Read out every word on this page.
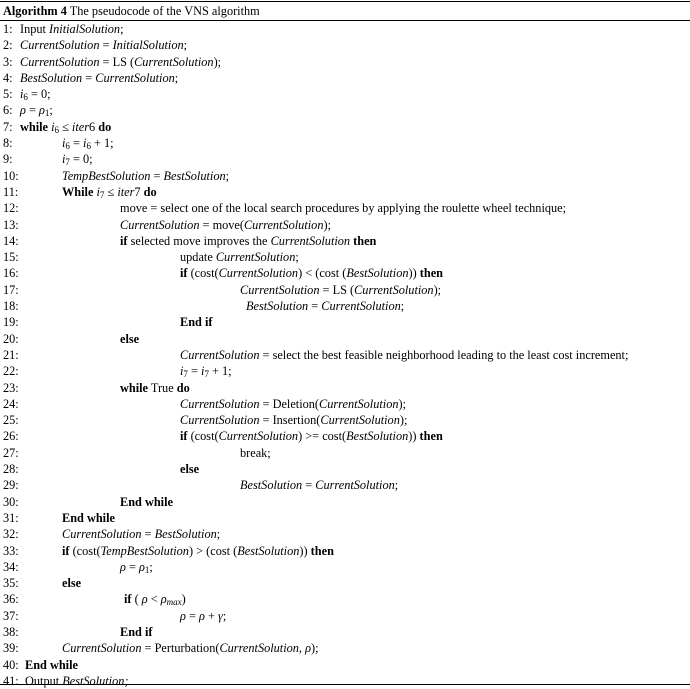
Algorithm 4 The pseudocode of the VNS algorithm
1: Input InitialSolution;
2: CurrentSolution = InitialSolution;
3: CurrentSolution = LS (CurrentSolution);
4: BestSolution = CurrentSolution;
5: $i_6 = 0$;
6: $\rho = \rho_1$;
7: while $i_6$ ≤ iter6 do
8:	$i_6 = i_6 + 1$;
9:	$i_7 = 0$;
10:	TempBestSolution = BestSolution;
11:	While $i_7$ ≤ iter7 do
12:	move = select one of the local search procedures by applying the roulette wheel technique;
13:	CurrentSolution = move(CurrentSolution);
14:	if selected move improves the CurrentSolution then
15:	update CurrentSolution;
16:	if (cost(CurrentSolution) < (cost (BestSolution)) then
17:	CurrentSolution = LS (CurrentSolution);
18:	BestSolution = CurrentSolution;
19:	End if
20:	else
21:	CurrentSolution = select the best feasible neighborhood leading to the least cost increment;
22:	$i_7 = i_7 + 1$;
23:	while True do
24:	CurrentSolution = Deletion(CurrentSolution);
25:	CurrentSolution = Insertion(CurrentSolution);
26:	if (cost(CurrentSolution) >= cost(BestSolution)) then
27:	break;
28:	else
29:	BestSolution = CurrentSolution;
30:	End while
31:	End while
32:	CurrentSolution = BestSolution;
33:	if (cost(TempBestSolution) > (cost (BestSolution)) then
34:	$\rho = \rho_1$;
35:	else
36:	if ( $\rho < \rho_{max}$)
37:	ρ = ρ + γ;
38:	End if
39:	CurrentSolution = Perturbation(CurrentSolution, ρ);
40: End while
41: Output BestSolution;
